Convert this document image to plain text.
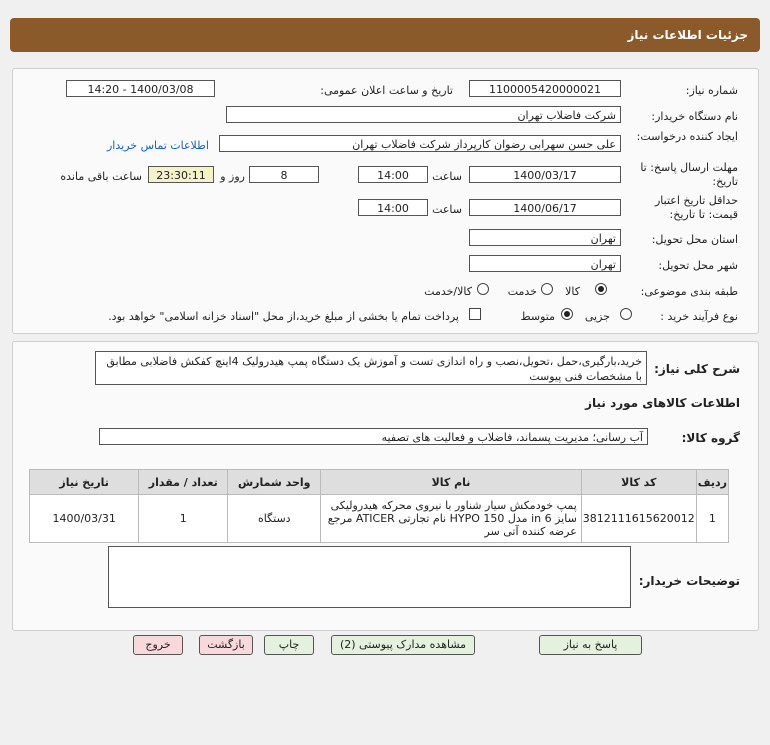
جزئیات اطلاعات نیاز
شماره نیاز:
1100005420000021
تاریخ و ساعت اعلان عمومی:
1400/03/08 - 14:20
نام دستگاه خریدار:
شرکت فاضلاب تهران
ایجاد کننده درخواست:
علی حسن سهرابی رضوان کارپرداز شرکت فاضلاب تهران
اطلاعات تماس خریدار
مهلت ارسال پاسخ: تا تاریخ:
1400/03/17
ساعت
14:00
8
روز و
23:30:11
ساعت باقی مانده
حداقل تاریخ اعتبار قیمت: تا تاریخ:
1400/06/17
ساعت
14:00
استان محل تحویل:
تهران
شهر محل تحویل:
تهران
طبقه بندی موضوعی:
کالا
خدمت
کالا/خدمت
نوع فرآیند خرید :
جزیی
متوسط
پرداخت تمام یا بخشی از مبلغ خرید،از محل "اسناد خزانه اسلامی" خواهد بود.
شرح کلی نیاز:
خرید،بارگیری،حمل ،تحویل،نصب و راه اندازی تست و آموزش یک دستگاه پمپ هیدرولیک 4اینچ کفکش فاضلابی مطابق با مشخصات فنی پیوست
اطلاعات کالاهای مورد نیاز
گروه کالا:
آب رسانی؛ مدیریت پسماند، فاضلاب و فعالیت های تصفیه
ردیف	کد کالا	نام کالا	واحد شمارش	تعداد / مقدار	تاریخ نیاز
1	3812111615620012	پمپ خودمکش سیار شناور با نیروی محرکه هیدرولیکی سایز 6 in مدل HYPO 150 نام تجارتی ATICER مرجع عرضه کننده آتی سر	دستگاه	1	1400/03/31
توضیحات خریدار:
پاسخ به نیاز
مشاهده مدارک پیوستی (2)
چاپ
بازگشت
خروج
